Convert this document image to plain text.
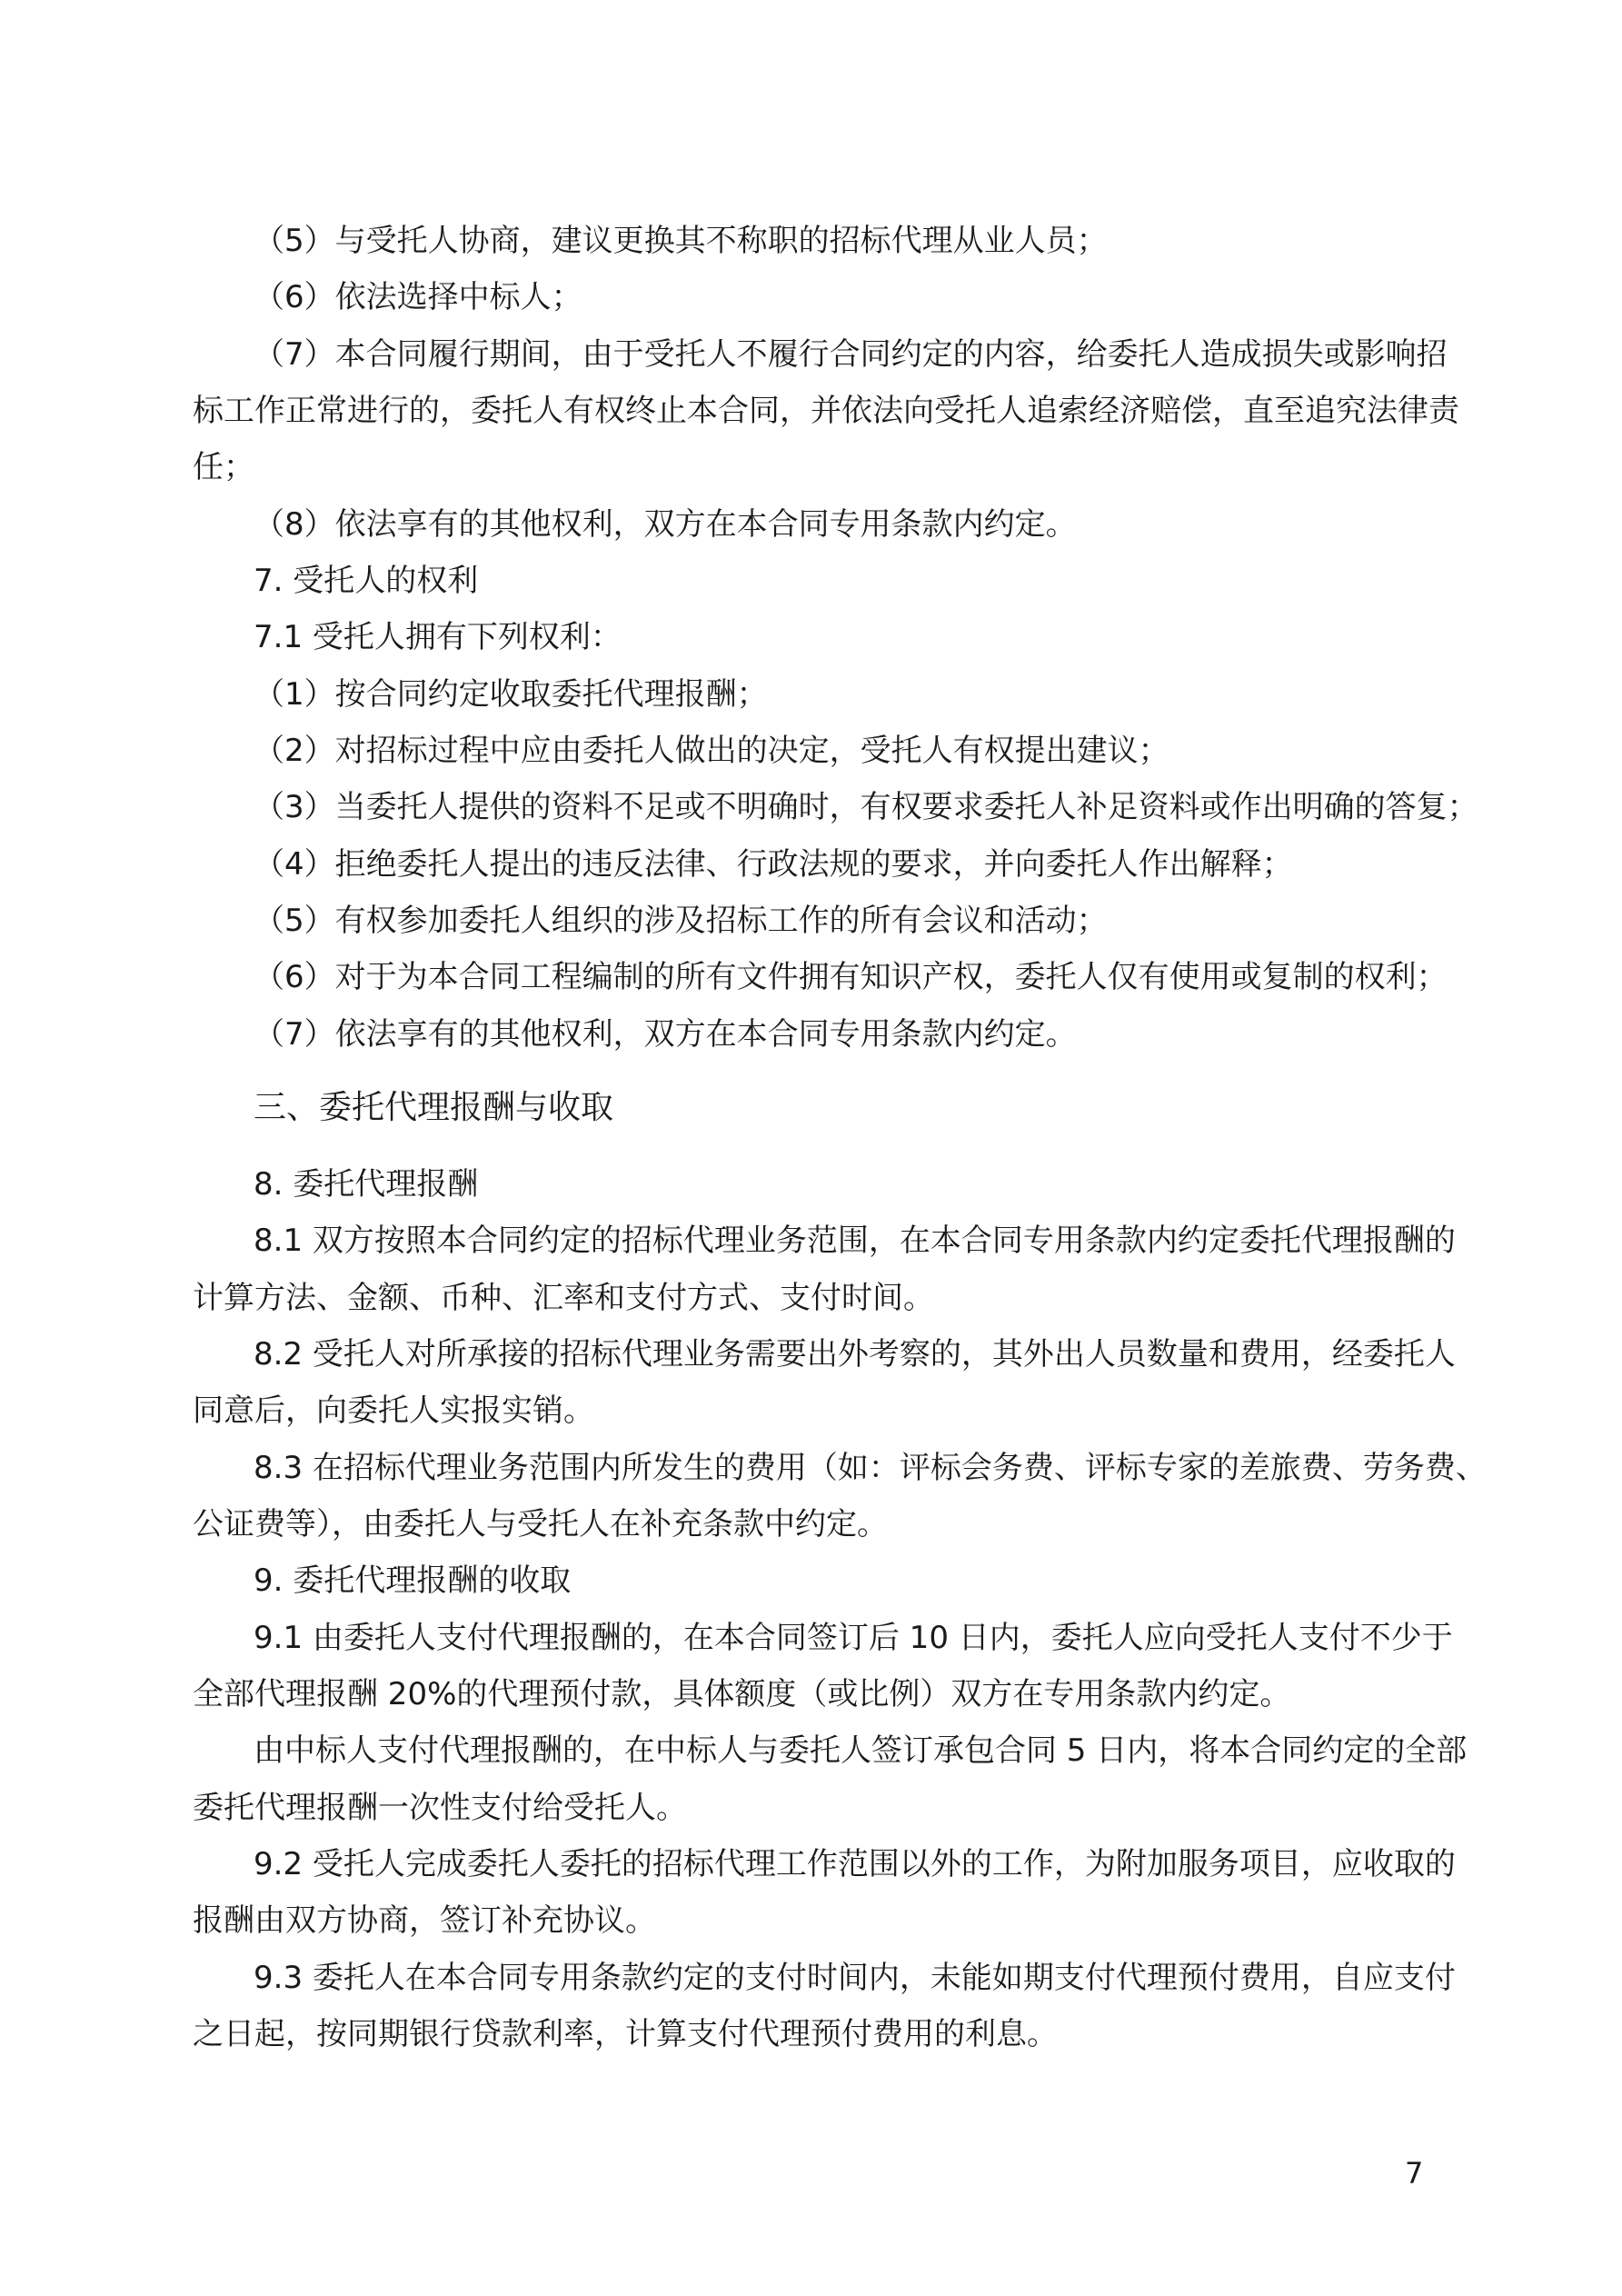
（5）与受托人协商，建议更换其不称职的招标代理从业人员；
（6）依法选择中标人；
（7）本合同履行期间，由于受托人不履行合同约定的内容，给委托人造成损失或影响招
标工作正常进行的，委托人有权终止本合同，并依法向受托人追索经济赔偿，直至追究法律责
任；
（8）依法享有的其他权利，双方在本合同专用条款内约定。
7. 受托人的权利
7.1 受托人拥有下列权利：
（1）按合同约定收取委托代理报酬；
（2）对招标过程中应由委托人做出的决定，受托人有权提出建议；
（3）当委托人提供的资料不足或不明确时，有权要求委托人补足资料或作出明确的答复；
（4）拒绝委托人提出的违反法律、行政法规的要求，并向委托人作出解释；
（5）有权参加委托人组织的涉及招标工作的所有会议和活动；
（6）对于为本合同工程编制的所有文件拥有知识产权，委托人仅有使用或复制的权利；
（7）依法享有的其他权利，双方在本合同专用条款内约定。
三、委托代理报酬与收取
8. 委托代理报酬
8.1 双方按照本合同约定的招标代理业务范围，在本合同专用条款内约定委托代理报酬的
计算方法、金额、币种、汇率和支付方式、支付时间。
8.2 受托人对所承接的招标代理业务需要出外考察的，其外出人员数量和费用，经委托人
同意后，向委托人实报实销。
8.3 在招标代理业务范围内所发生的费用（如：评标会务费、评标专家的差旅费、劳务费、
公证费等），由委托人与受托人在补充条款中约定。
9. 委托代理报酬的收取
9.1 由委托人支付代理报酬的，在本合同签订后 10 日内，委托人应向受托人支付不少于
全部代理报酬 20%的代理预付款，具体额度（或比例）双方在专用条款内约定。
由中标人支付代理报酬的，在中标人与委托人签订承包合同 5 日内，将本合同约定的全部
委托代理报酬一次性支付给受托人。
9.2 受托人完成委托人委托的招标代理工作范围以外的工作，为附加服务项目，应收取的
报酬由双方协商，签订补充协议。
9.3 委托人在本合同专用条款约定的支付时间内，未能如期支付代理预付费用，自应支付
之日起，按同期银行贷款利率，计算支付代理预付费用的利息。
7
